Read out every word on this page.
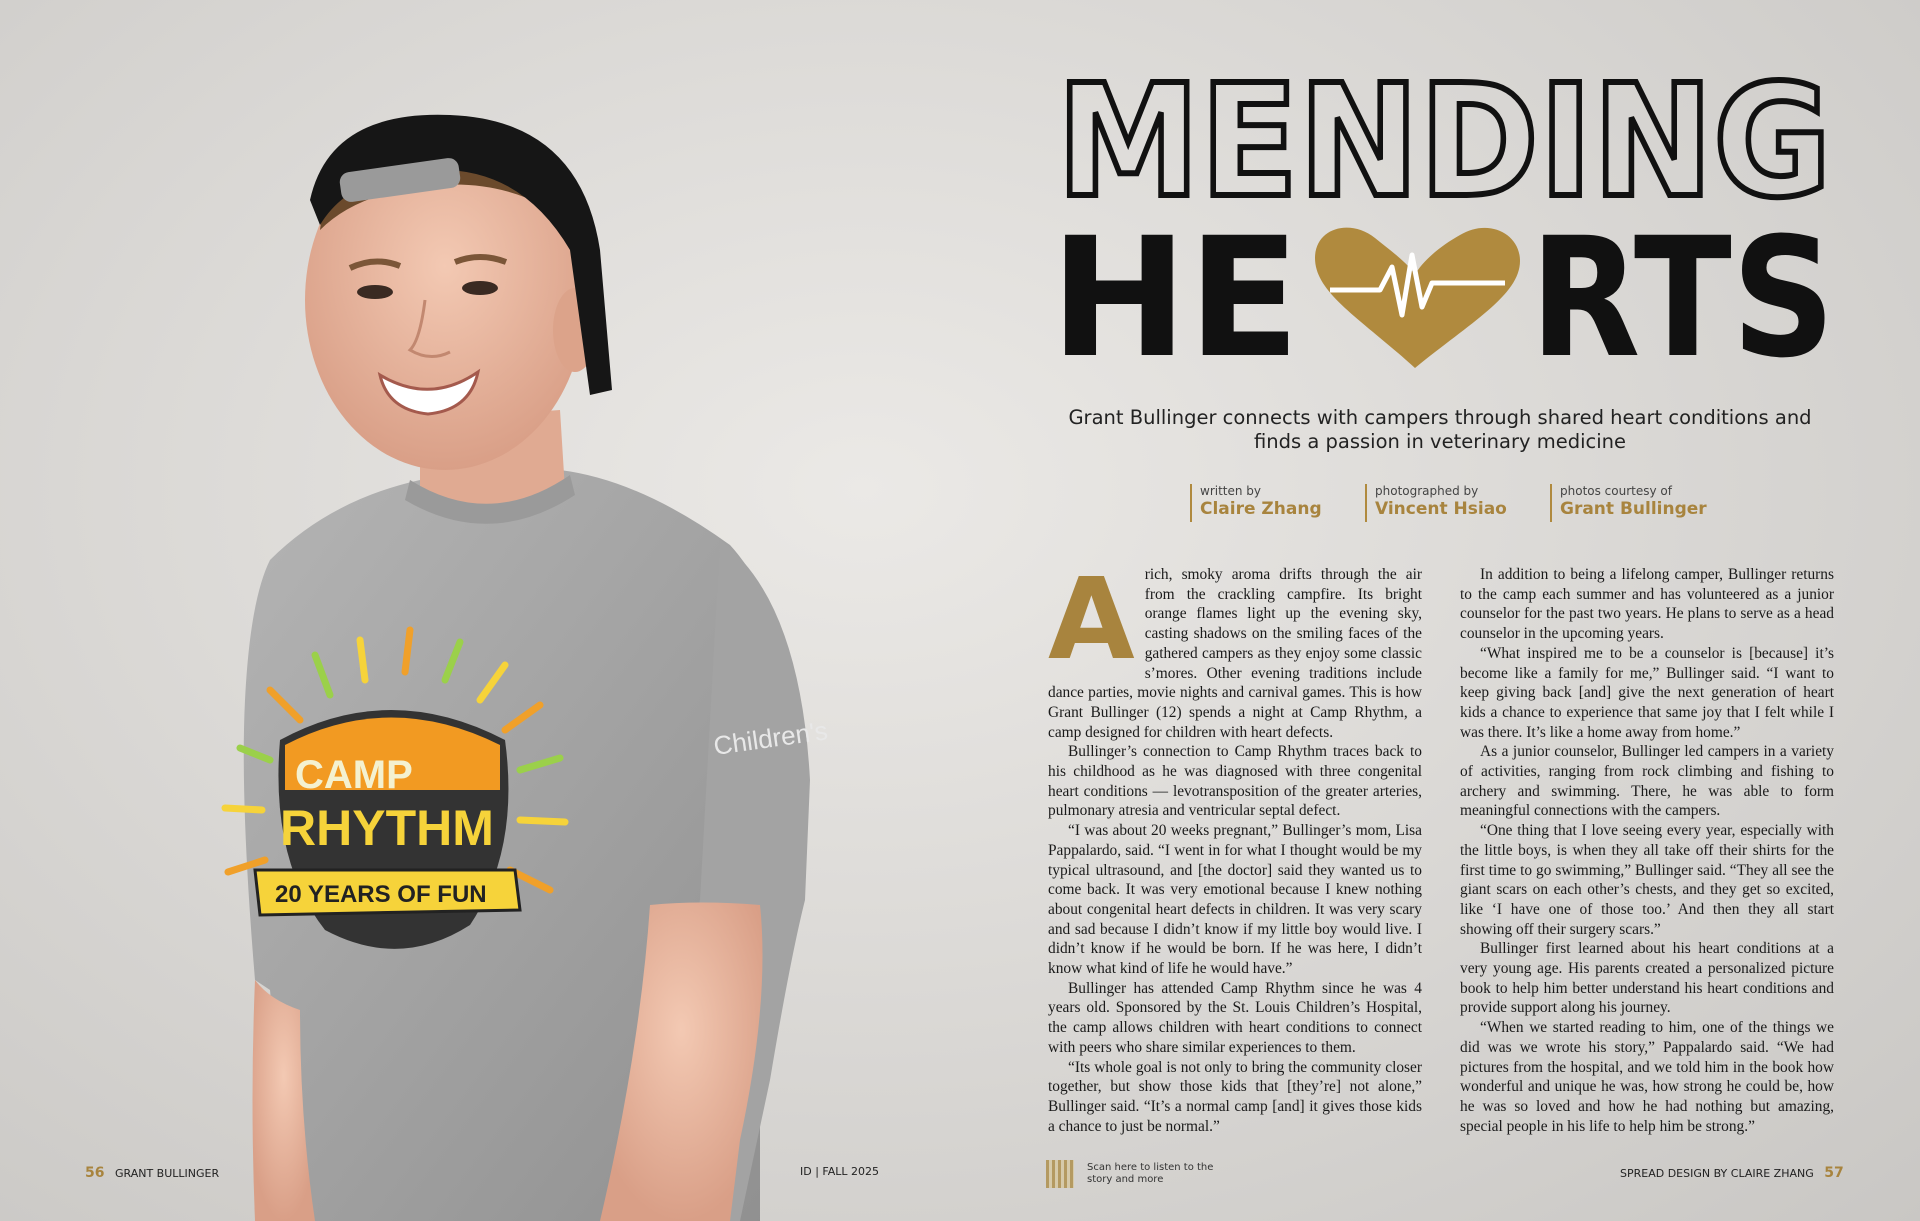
CAMP
RHYTHM
20 YEARS OF FUN
Children's
MENDING
HE RTS
Grant Bullinger connects with campers through shared heart conditions and finds a passion in veterinary medicine
written by
Claire Zhang
photographed by
Vincent Hsiao
photos courtesy of
Grant Bullinger
A rich, smoky aroma drifts through the air from the crackling campfire. Its bright orange flames light up the evening sky, casting shadows on the smiling faces of the gathered campers as they enjoy some classic s’mores. Other evening traditions include dance parties, movie nights and carnival games. This is how Grant Bullinger (12) spends a night at Camp Rhythm, a camp designed for children with heart defects.

Bullinger’s connection to Camp Rhythm traces back to his childhood as he was diagnosed with three congenital heart conditions — levotransposition of the greater arteries, pulmonary atresia and ventricular septal defect.

“I was about 20 weeks pregnant,” Bullinger’s mom, Lisa Pappalardo, said. “I went in for what I thought would be my typical ultrasound, and [the doctor] said they wanted us to come back. It was very emotional because I knew nothing about congenital heart defects in children. It was very scary and sad because I didn’t know if my little boy would live. I didn’t know if he would be born. If he was here, I didn’t know what kind of life he would have.”

Bullinger has attended Camp Rhythm since he was 4 years old. Sponsored by the St. Louis Children’s Hospital, the camp allows children with heart conditions to connect with peers who share similar experiences to them.

“Its whole goal is not only to bring the community closer together, but show those kids that [they’re] not alone,” Bullinger said. “It’s a normal camp [and] it gives those kids a chance to just be normal.”

In addition to being a lifelong camper, Bullinger returns to the camp each summer and has volunteered as a junior counselor for the past two years. He plans to serve as a head counselor in the upcoming years.

“What inspired me to be a counselor is [because] it’s become like a family for me,” Bullinger said. “I want to keep giving back [and] give the next generation of heart kids a chance to experience that same joy that I felt while I was there. It’s like a home away from home.”

As a junior counselor, Bullinger led campers in a variety of activities, ranging from rock climbing and fishing to archery and swimming. There, he was able to form meaningful connections with the campers.

“One thing that I love seeing every year, especially with the little boys, is when they all take off their shirts for the first time to go swimming,” Bullinger said. “They all see the giant scars on each other’s chests, and they get so excited, like ‘I have one of those too.’ And then they all start showing off their surgery scars.”

Bullinger first learned about his heart conditions at a very young age. His parents created a personalized picture book to help him better understand his heart conditions and provide support along his journey.

“When we started reading to him, one of the things we did was we wrote his story,” Pappalardo said. “We had pictures from the hospital, and we told him in the book how wonderful and unique he was, how strong he could be, how he was so loved and how he had nothing but amazing, special people in his life to help him be strong.”

56 GRANT BULLINGER	ID | FALL 2025	Scan here to listen to the story and more	SPREAD DESIGN BY CLAIRE ZHANG 57
